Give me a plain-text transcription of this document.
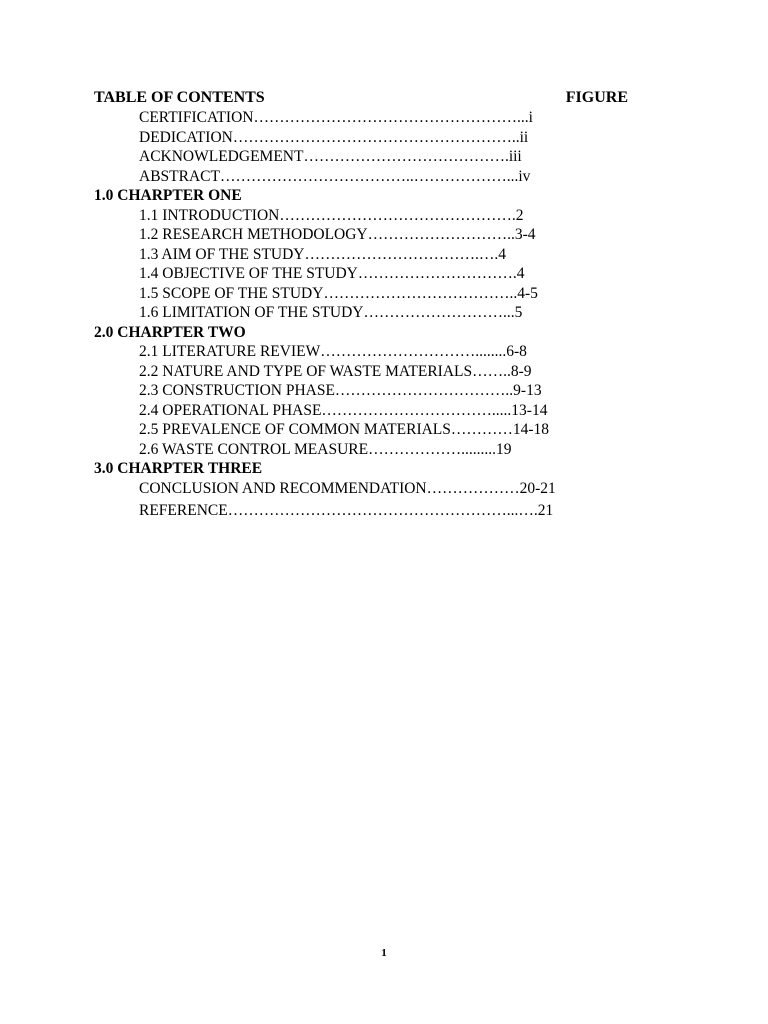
TABLE OF CONTENTS	FIGURE
CERTIFICATION……………………………………………...i
DEDICATION………………………………………………..ii
ACKNOWLEDGEMENT………………………………….iii
ABSTRACT………………………………..………………...iv
1.0 CHARPTER ONE
1.1 INTRODUCTION……………………………………….2
1.2 RESEARCH METHODOLOGY………………………..3-4
1.3 AIM OF THE STUDY…………………………….….4
1.4 OBJECTIVE OF THE STUDY………………………….4
1.5 SCOPE OF THE STUDY………………………………..4-5
1.6 LIMITATION OF THE STUDY………………………...5
2.0 CHARPTER TWO
2.1 LITERATURE REVIEW…………………………........6-8
2.2 NATURE AND TYPE OF WASTE MATERIALS……..8-9
2.3 CONSTRUCTION PHASE……………………………..9-13
2.4 OPERATIONAL PHASE…………………………….....13-14
2.5 PREVALENCE OF COMMON MATERIALS…………14-18
2.6 WASTE CONTROL MEASURE……………….........19
3.0 CHARPTER THREE
CONCLUSION AND RECOMMENDATION………………20-21
REFERENCE………………………………………………...….21
1
